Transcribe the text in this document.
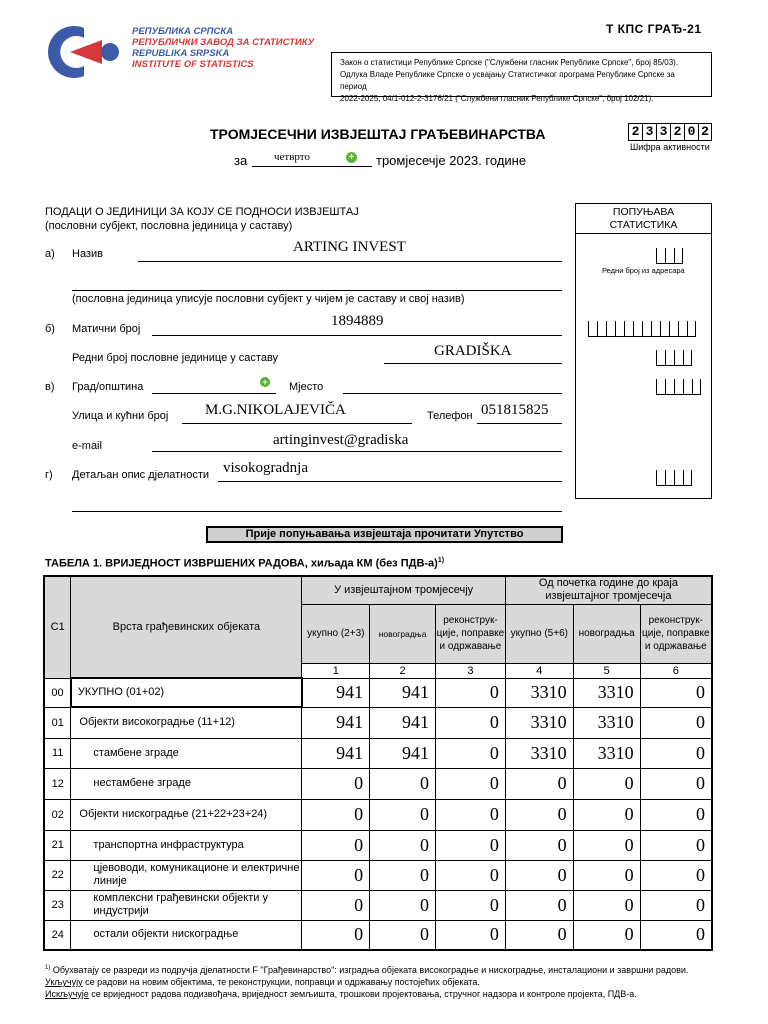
РЕПУБЛИКА СРПСКА
РЕПУБЛИЧКИ ЗАВОД ЗА СТАТИСТИКУ
REPUBLIKA SRPSKA
INSTITUTE OF STATISTICS
Т КПС ГРАЂ-21
Закон о статистици Републике Српске ("Службени гласник Републике Српске", број 85/03).
Одлука Владе Републике Српске о усвајању Статистичког програма Републике Српске за период
2022-2025, 04/1-012-2-3176/21 ("Службени гласник Републике Српске", број 102/21).
ТРОМЈЕСЕЧНИ ИЗВЈЕШТАЈ ГРАЂЕВИНАРСТВА
за четврто	+ тромјесечје 2023. године
2 3 3 2 0 2
Шифра активности
ПОДАЦИ О ЈЕДИНИЦИ ЗА КОЈУ СЕ ПОДНОСИ ИЗВЈЕШТАЈ
(пословни субјект, пословна јединица у саставу)
ПОПУЊАВА СТАТИСТИКА
Редни број из адресара
а) Назив	ARTING INVEST
(пословна јединица уписује пословни субјект у чијем је саставу и свој назив)
б) Матични број	1894889
Редни број пословне јединице у саставу	GRADIŠKA
в) Град/општина	+ Мјесто
Улица и кућни број M.G.NIKOLAJEVIČA	Телефон 051815825
e-mail	artinginvest@gradiska
г) Детаљан опис дјелатности visokogradnja
Прије попуњавања извјештаја прочитати Упутство
ТАБЕЛА 1. ВРИЈЕДНОСТ ИЗВРШЕНИХ РАДОВА, хиљада КМ (без ПДВ-а)$^{1)}$
C1	Врста грађевинских објеката	У извјештајном тромјесечју			Од почетка године до краја извјештајног тромјесечја		
		укупно (2+3)	новоградња	реконструк-ције, поправке и одржавање	укупно (5+6)	новоградња	реконструк-ције, поправке и одржавање
		1	2	3	4	5	6
00	УКУПНО (01+02)	941	941	0	3310	3310	0
01	Објекти високоградње (11+12)	941	941	0	3310	3310	0
11	стамбене зграде	941	941	0	3310	3310	0
12	нестамбене зграде	0	0	0	0	0	0
02	Објекти нискоградње (21+22+23+24)	0	0	0	0	0	0
21	транспортна инфраструктура	0	0	0	0	0	0
22	цјевоводи, комуникационе и електричне линије	0	0	0	0	0	0
23	комплексни грађевински објекти у индустрији	0	0	0	0	0	0
24	остали објекти нискоградње	0	0	0	0	0	0
$^{1)}$ Обухватају се разреди из подручја дјелатности F "Грађевинарство": изградња објеката високоградње и нискоградње, инсталациони и завршни радови.
Укључују се радови на новим објектима, те реконструкции, поправци и одржавању постојећих објеката.
Искључује се вриједност радова подизвођача, вриједност земљишта, трошкови пројектовања, стручног надзора и контроле пројекта, ПДВ-а.
